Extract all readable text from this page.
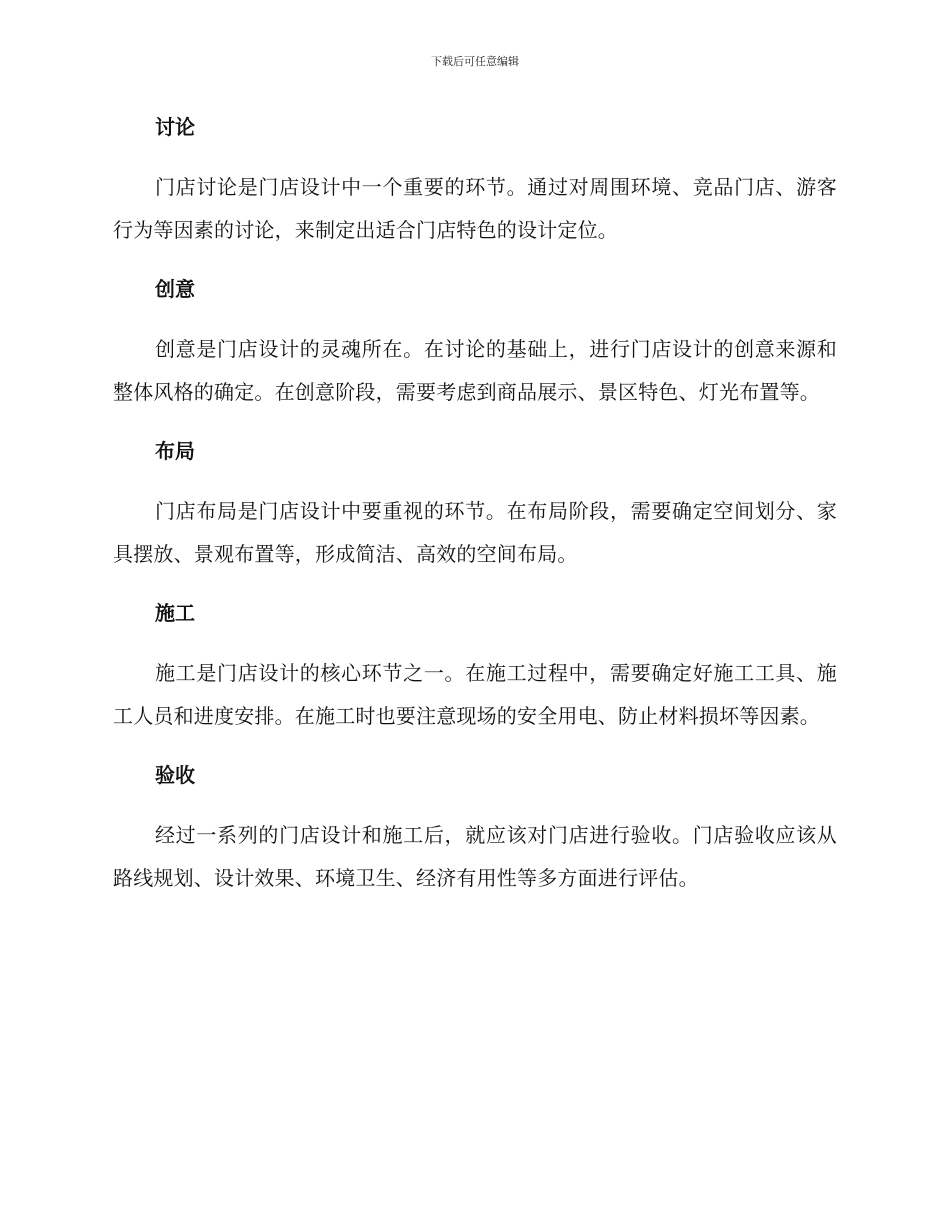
下载后可任意编辑
讨论

门店讨论是门店设计中一个重要的环节。通过对周围环境、竞品门店、游客行为等因素的讨论，来制定出适合门店特色的设计定位。

创意

创意是门店设计的灵魂所在。在讨论的基础上，进行门店设计的创意来源和整体风格的确定。在创意阶段，需要考虑到商品展示、景区特色、灯光布置等。

布局

门店布局是门店设计中要重视的环节。在布局阶段，需要确定空间划分、家具摆放、景观布置等，形成简洁、高效的空间布局。

施工

施工是门店设计的核心环节之一。在施工过程中，需要确定好施工工具、施工人员和进度安排。在施工时也要注意现场的安全用电、防止材料损坏等因素。

验收

经过一系列的门店设计和施工后，就应该对门店进行验收。门店验收应该从路线规划、设计效果、环境卫生、经济有用性等多方面进行评估。
